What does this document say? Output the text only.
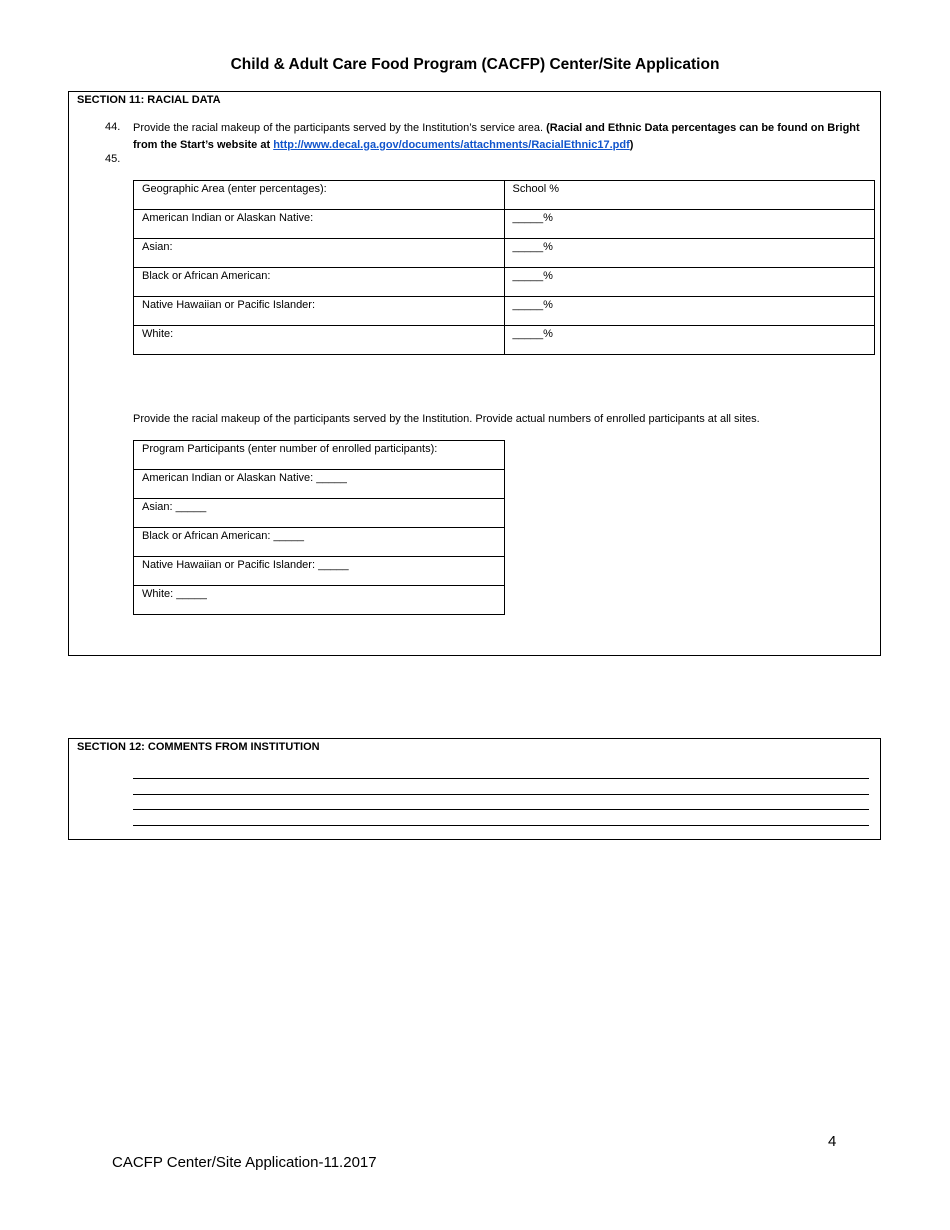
Child & Adult Care Food Program (CACFP) Center/Site Application
SECTION 11: RACIAL DATA
44. Provide the racial makeup of the participants served by the Institution’s service area. (Racial and Ethnic Data percentages can be found on Bright from the Start’s website at http://www.decal.ga.gov/documents/attachments/RacialEthnic17.pdf)
45.
Geographic Area (enter percentages):	School %
American Indian or Alaskan Native:	_____%
Asian:	_____%
Black or African American:	_____%
Native Hawaiian or Pacific Islander:	_____%
White:	_____%
Provide the racial makeup of the participants served by the Institution. Provide actual numbers of enrolled participants at all sites.
Program Participants (enter number of enrolled participants):
American Indian or Alaskan Native: _____
Asian: _____
Black or African American: _____
Native Hawaiian or Pacific Islander: _____
White: _____
SECTION 12: COMMENTS FROM INSTITUTION
4
CACFP Center/Site Application-11.2017
